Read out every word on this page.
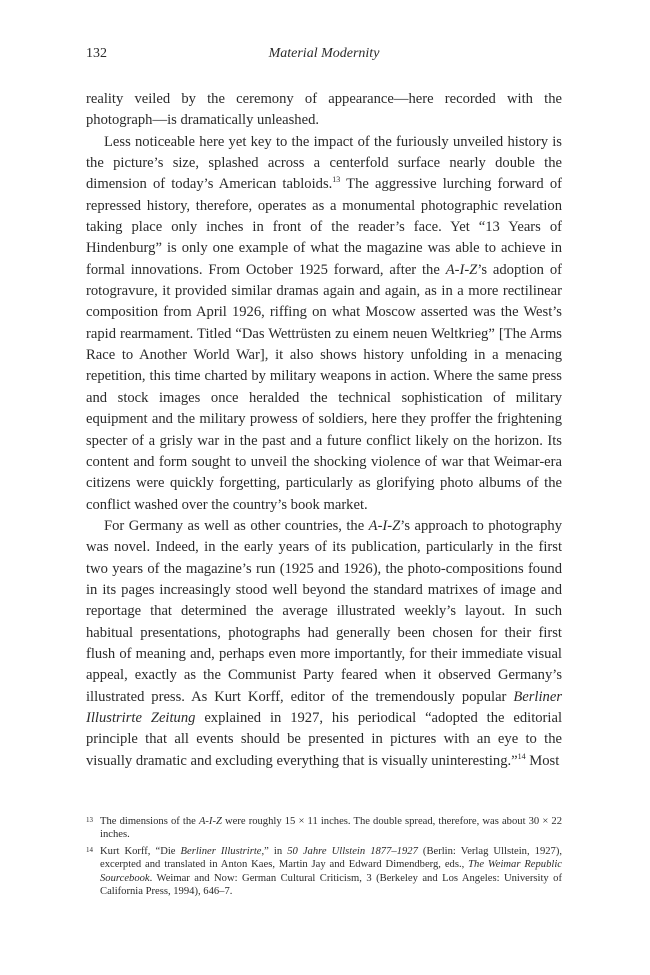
132	Material Modernity

reality veiled by the ceremony of appearance—here recorded with the photograph—is dramatically unleashed.

Less noticeable here yet key to the impact of the furiously unveiled history is the picture’s size, splashed across a centerfold surface nearly double the dimension of today’s American tabloids.$^{13}$ The aggressive lurching forward of repressed history, therefore, operates as a monumental photographic revelation taking place only inches in front of the reader’s face. Yet “13 Years of Hindenburg” is only one example of what the magazine was able to achieve in formal innovations. From October 1925 forward, after the A-I-Z’s adoption of rotogravure, it provided similar dramas again and again, as in a more rectilinear composition from April 1926, riffing on what Moscow asserted was the West’s rapid rearmament. Titled “Das Wettrüsten zu einem neuen Weltkrieg” [The Arms Race to Another World War], it also shows history unfolding in a menacing repetition, this time charted by military weapons in action. Where the same press and stock images once heralded the technical sophistication of military equipment and the military prowess of soldiers, here they proffer the frightening specter of a grisly war in the past and a future conflict likely on the horizon. Its content and form sought to unveil the shocking violence of war that Weimar-era citizens were quickly forgetting, particularly as glorifying photo albums of the conflict washed over the country’s book market.

For Germany as well as other countries, the A-I-Z’s approach to photography was novel. Indeed, in the early years of its publication, particularly in the first two years of the magazine’s run (1925 and 1926), the photo-compositions found in its pages increasingly stood well beyond the standard matrixes of image and reportage that determined the average illustrated weekly’s layout. In such habitual presentations, photographs had generally been chosen for their first flush of meaning and, perhaps even more importantly, for their immediate visual appeal, exactly as the Communist Party feared when it observed Germany’s illustrated press. As Kurt Korff, editor of the tremendously popular Berliner Illustrirte Zeitung explained in 1927, his periodical “adopted the editorial principle that all events should be presented in pictures with an eye to the visually dramatic and excluding everything that is visually uninteresting.”$^{14}$ Most

13 The dimensions of the A-I-Z were roughly 15 × 11 inches. The double spread, therefore, was about 30 × 22 inches.

14 Kurt Korff, “Die Berliner Illustrirte,” in 50 Jahre Ullstein 1877–1927 (Berlin: Verlag Ullstein, 1927), excerpted and translated in Anton Kaes, Martin Jay and Edward Dimendberg, eds., The Weimar Republic Sourcebook. Weimar and Now: German Cultural Criticism, 3 (Berkeley and Los Angeles: University of California Press, 1994), 646–7.
